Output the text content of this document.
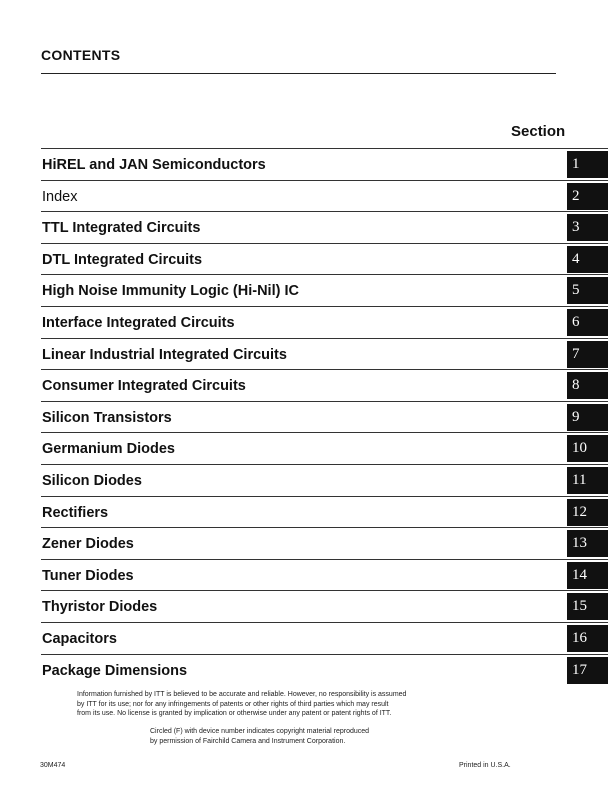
CONTENTS
Section
HiREL and JAN Semiconductors	1
Index	2
TTL Integrated Circuits	3
DTL Integrated Circuits	4
High Noise Immunity Logic (Hi-Nil) IC	5
Interface Integrated Circuits	6
Linear Industrial Integrated Circuits	7
Consumer Integrated Circuits	8
Silicon Transistors	9
Germanium Diodes	10
Silicon Diodes	11
Rectifiers	12
Zener Diodes	13
Tuner Diodes	14
Thyristor Diodes	15
Capacitors	16
Package Dimensions	17

Information furnished by ITT is believed to be accurate and reliable. However, no responsibility is assumed

by ITT for its use; nor for any infringements of patents or other rights of third parties which may result

from its use. No license is granted by implication or otherwise under any patent or patent rights of ITT.

Circled (F) with device number indicates copyright material reproduced

by permission of Fairchild Camera and Instrument Corporation.

30M474	Printed in U.S.A.
